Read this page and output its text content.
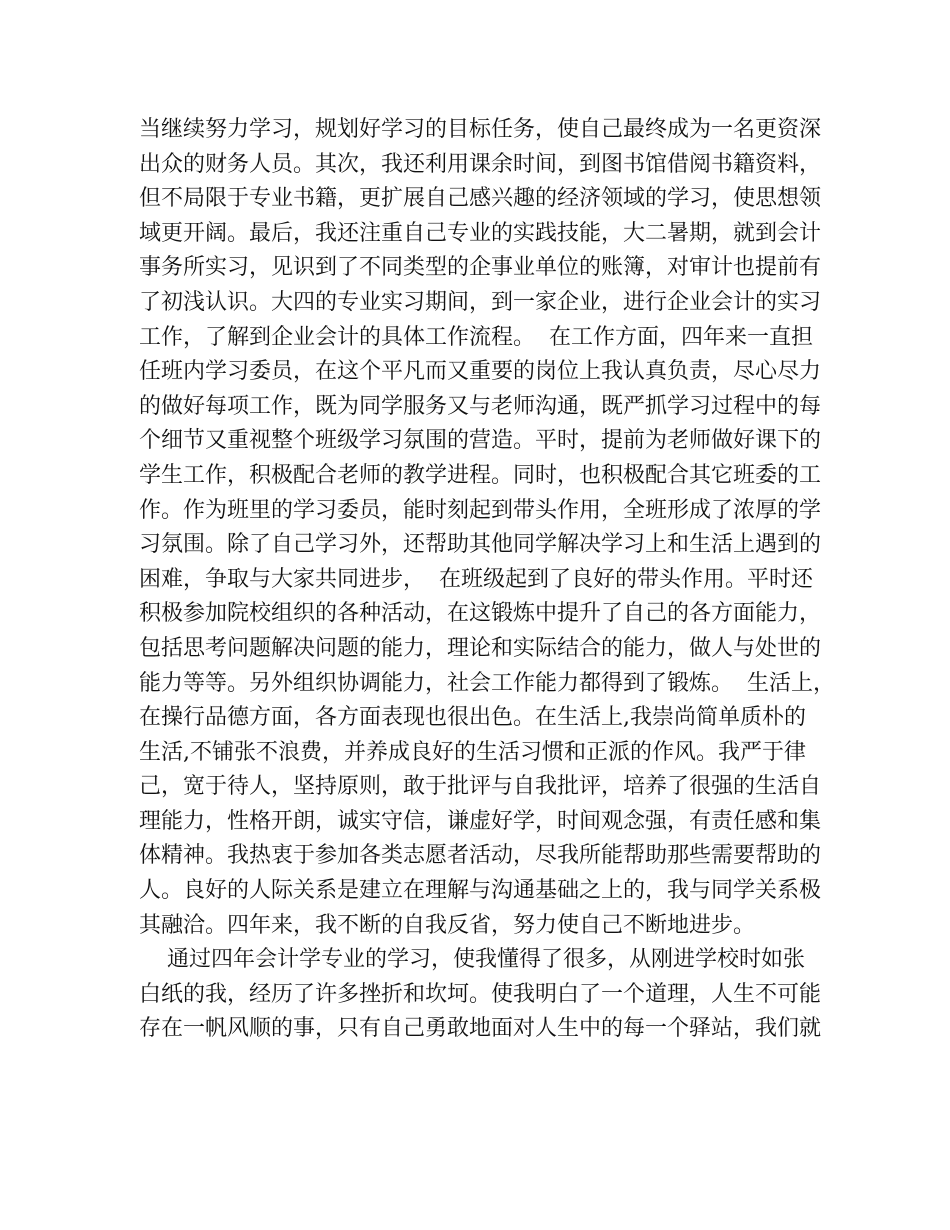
当继续努力学习，规划好学习的目标任务，使自己最终成为一名更资深
出众的财务人员。其次，我还利用课余时间，到图书馆借阅书籍资料，
但不局限于专业书籍，更扩展自己感兴趣的经济领域的学习，使思想领
域更开阔。最后，我还注重自己专业的实践技能，大二暑期，就到会计
事务所实习，见识到了不同类型的企事业单位的账簿，对审计也提前有
了初浅认识。大四的专业实习期间，到一家企业，进行企业会计的实习
工作，了解到企业会计的具体工作流程。  在工作方面，四年来一直担
任班内学习委员，在这个平凡而又重要的岗位上我认真负责，尽心尽力
的做好每项工作，既为同学服务又与老师沟通，既严抓学习过程中的每
个细节又重视整个班级学习氛围的营造。平时，提前为老师做好课下的
学生工作，积极配合老师的教学进程。同时，也积极配合其它班委的工
作。作为班里的学习委员，能时刻起到带头作用，全班形成了浓厚的学
习氛围。除了自己学习外，还帮助其他同学解决学习上和生活上遇到的
困难，争取与大家共同进步，  在班级起到了良好的带头作用。平时还
积极参加院校组织的各种活动，在这锻炼中提升了自己的各方面能力，
包括思考问题解决问题的能力，理论和实际结合的能力，做人与处世的
能力等等。另外组织协调能力，社会工作能力都得到了锻炼。  生活上，
在操行品德方面，各方面表现也很出色。在生活上,我崇尚简单质朴的
生活,不铺张不浪费，并养成良好的生活习惯和正派的作风。我严于律
己，宽于待人，坚持原则，敢于批评与自我批评，培养了很强的生活自
理能力，性格开朗，诚实守信，谦虚好学，时间观念强，有责任感和集
体精神。我热衷于参加各类志愿者活动，尽我所能帮助那些需要帮助的
人。良好的人际关系是建立在理解与沟通基础之上的，我与同学关系极
其融洽。四年来，我不断的自我反省，努力使自己不断地进步。
通过四年会计学专业的学习，使我懂得了很多，从刚进学校时如张
白纸的我，经历了许多挫折和坎坷。使我明白了一个道理，人生不可能
存在一帆风顺的事，只有自己勇敢地面对人生中的每一个驿站，我们就
